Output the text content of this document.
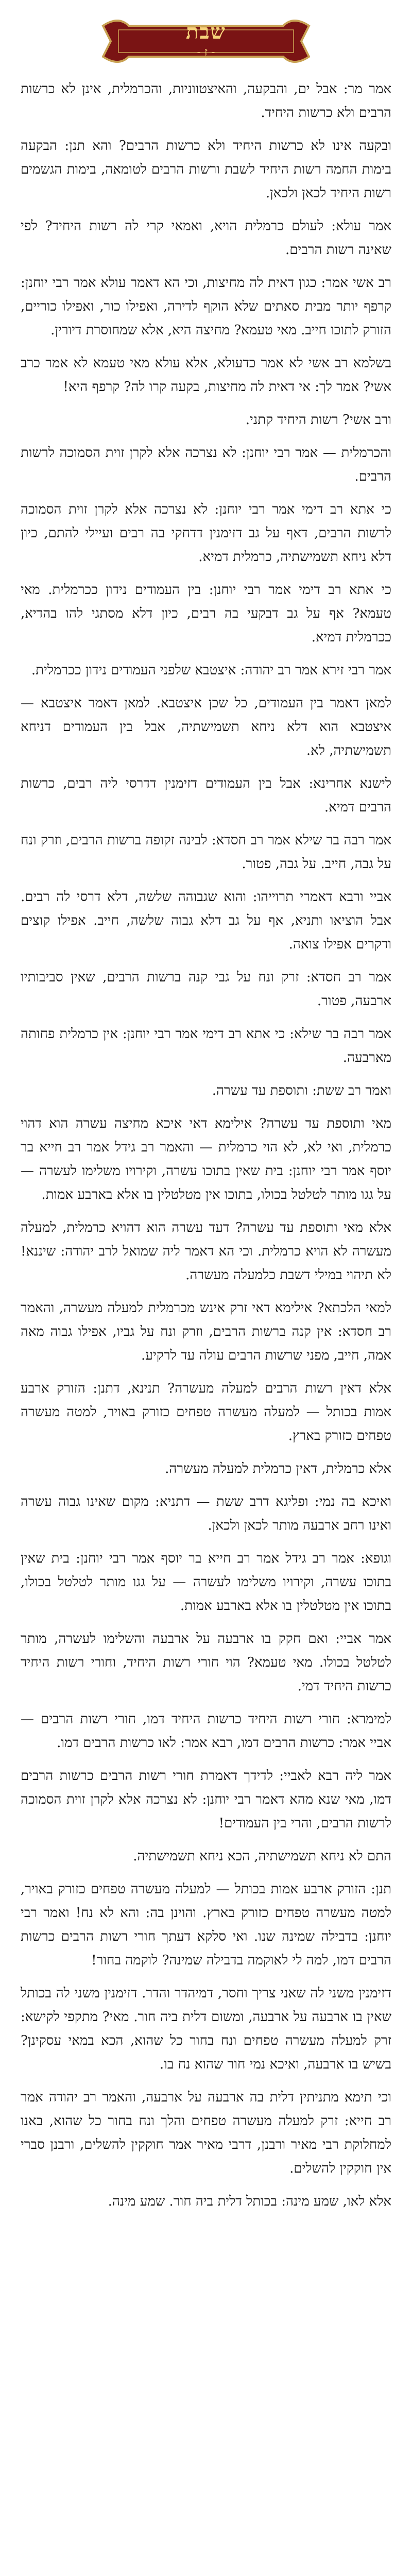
שבת
- ז -

אמר מר: אבל ים, והבקעה, והאיצטווניות, והכרמלית, אינן לא כרשות הרבים ולא כרשות היחיד.

ובקעה אינו לא כרשות היחיד ולא כרשות הרבים? והא תנן: הבקעה בימות החמה רשות היחיד לשבת ורשות הרבים לטומאה, בימות הגשמים רשות היחיד לכאן ולכאן.

אמר עולא: לעולם כרמלית הויא, ואמאי קרי לה רשות היחיד? לפי שאינה רשות הרבים.

רב אשי אמר: כגון דאית לה מחיצות, וכי הא דאמר עולא אמר רבי יוחנן: קרפף יותר מבית סאתים שלא הוקף לדירה, ואפילו כור, ואפילו כוריים, הזורק לתוכו חייב. מאי טעמא? מחיצה היא, אלא שמחוסרת דיורין.

בשלמא רב אשי לא אמר כדעולא, אלא עולא מאי טעמא לא אמר כרב אשי? אמר לך: אי דאית לה מחיצות, בקעה קרו לה? קרפף היא!

ורב אשי? רשות היחיד קתני.

והכרמלית — אמר רבי יוחנן: לא נצרכה אלא לקרן זוית הסמוכה לרשות הרבים.

כי אתא רב דימי אמר רבי יוחנן: לא נצרכה אלא לקרן זוית הסמוכה לרשות הרבים, דאף על גב דזימנין דדחקי בה רבים ועיילי להתם, כיון דלא ניחא תשמישתיה, כרמלית דמיא.

כי אתא רב דימי אמר רבי יוחנן: בין העמודים נידון ככרמלית. מאי טעמא? אף על גב דבקעי בה רבים, כיון דלא מסתגי להו בהדיא, ככרמלית דמיא.

אמר רבי זירא אמר רב יהודה: איצטבא שלפני העמודים נידון ככרמלית.

למאן דאמר בין העמודים, כל שכן איצטבא. למאן דאמר איצטבא — איצטבא הוא דלא ניחא תשמישתיה, אבל בין העמודים דניחא תשמישתיה, לא.

לישנא אחרינא: אבל בין העמודים דזימנין דדרסי ליה רבים, כרשות הרבים דמיא.

אמר רבה בר שילא אמר רב חסדא: לבינה זקופה ברשות הרבים, וזרק ונח על גבה, חייב. על גבה, פטור.

אביי ורבא דאמרי תרוייהו: והוא שגבוהה שלשה, דלא דרסי לה רבים. אבל הוציאו ותניא, אף על גב דלא גבוה שלשה, חייב. אפילו קוצים ודקרים אפילו צואה.

אמר רב חסדא: זרק ונח על גבי קנה ברשות הרבים, שאין סביבותיו ארבעה, פטור.

אמר רבה בר שילא: כי אתא רב דימי אמר רבי יוחנן: אין כרמלית פחותה מארבעה.

ואמר רב ששת: ותוספת עד עשרה.

מאי ותוספת עד עשרה? אילימא דאי איכא מחיצה עשרה הוא דהוי כרמלית, ואי לא, לא הוי כרמלית — והאמר רב גידל אמר רב חייא בר יוסף אמר רבי יוחנן: בית שאין בתוכו עשרה, וקירויו משלימו לעשרה — על גגו מותר לטלטל בכולו, בתוכו אין מטלטלין בו אלא בארבע אמות.

אלא מאי ותוספת עד עשרה? דעד עשרה הוא דהויא כרמלית, למעלה מעשרה לא הויא כרמלית. וכי הא דאמר ליה שמואל לרב יהודה: שיננא! לא תיהוי במילי דשבת כלמעלה מעשרה.

למאי הלכתא? אילימא דאי זרק אינש מכרמלית למעלה מעשרה, והאמר רב חסדא: אין קנה ברשות הרבים, וזרק ונח על גביו, אפילו גבוה מאה אמה, חייב, מפני שרשות הרבים עולה עד לרקיע.

אלא דאין רשות הרבים למעלה מעשרה? תנינא, דתנן: הזורק ארבע אמות בכותל — למעלה מעשרה טפחים כזורק באויר, למטה מעשרה טפחים כזורק בארץ.

אלא כרמלית, דאין כרמלית למעלה מעשרה.

ואיכא בה נמי: ופליגא דרב ששת — דתניא: מקום שאינו גבוה עשרה ואינו רחב ארבעה מותר לכאן ולכאן.

וגופא: אמר רב גידל אמר רב חייא בר יוסף אמר רבי יוחנן: בית שאין בתוכו עשרה, וקירויו משלימו לעשרה — על גגו מותר לטלטל בכולו, בתוכו אין מטלטלין בו אלא בארבע אמות.

אמר אביי: ואם חקק בו ארבעה על ארבעה והשלימו לעשרה, מותר לטלטל בכולו. מאי טעמא? הוי חורי רשות היחיד, וחורי רשות היחיד כרשות היחיד דמי.

למימרא: חורי רשות היחיד כרשות היחיד דמו, חורי רשות הרבים — אביי אמר: כרשות הרבים דמו, רבא אמר: לאו כרשות הרבים דמו.

אמר ליה רבא לאביי: לדידך דאמרת חורי רשות הרבים כרשות הרבים דמו, מאי שנא מהא דאמר רבי יוחנן: לא נצרכה אלא לקרן זוית הסמוכה לרשות הרבים, והרי בין העמודים!

התם לא ניחא תשמישתיה, הכא ניחא תשמישתיה.

תנן: הזורק ארבע אמות בכותל — למעלה מעשרה טפחים כזורק באויר, למטה מעשרה טפחים כזורק בארץ. והוינן בה: והא לא נח! ואמר רבי יוחנן: בדבילה שמינה שנו. ואי סלקא דעתך חורי רשות הרבים כרשות הרבים דמו, למה לי לאוקמה בדבילה שמינה? לוקמה בחור!

דזימנין משני לה שאני צריך וחסר, דמיהדר והדר. דזימנין משני לה בכותל שאין בו ארבעה על ארבעה, ומשום דלית ביה חור. מאי? מתקפי לקישא: זרק למעלה מעשרה טפחים ונח בחור כל שהוא, הכא במאי עסקינן? בשיש בו ארבעה, ואיכא נמי חור שהוא נח בו.

וכי תימא מתניתין דלית בה ארבעה על ארבעה, והאמר רב יהודה אמר רב חייא: זרק למעלה מעשרה טפחים והלך ונח בחור כל שהוא, באנו למחלוקת רבי מאיר ורבנן, דרבי מאיר אמר חוקקין להשלים, ורבנן סברי אין חוקקין להשלים.

אלא לאו, שמע מינה: בכותל דלית ביה חור. שמע מינה.
